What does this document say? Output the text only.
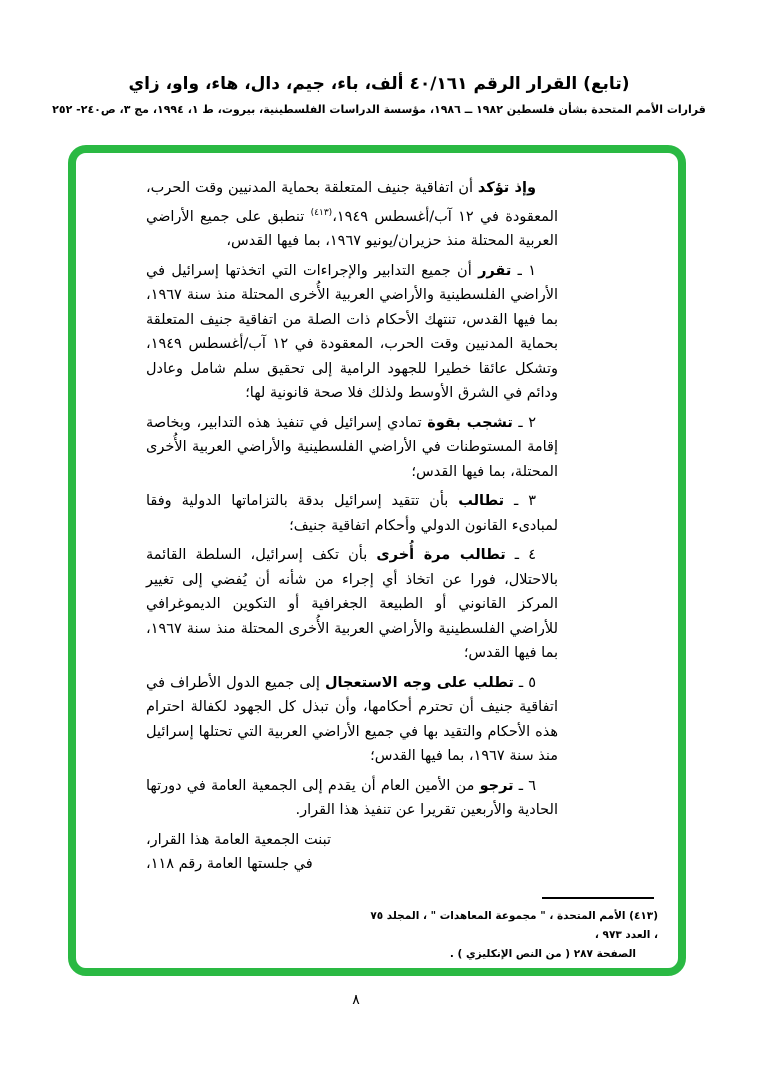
(تابع) القرار الرقم ٤٠/١٦١ ألف، باء، جيم، دال، هاء، واو، زاي
قرارات الأمم المتحدة بشأن فلسطين ١٩٨٢ ــ ١٩٨٦، مؤسسة الدراسات الفلسطينية، بيروت، ط ١، ١٩٩٤، مج ٣، ص٢٤٠- ٢٥٢

وإذ تؤكد أن اتفاقية جنيف المتعلقة بحماية المدنيين وقت الحرب، المعقودة في ١٢ آب/أغسطس ١٩٤٩،$^{(٤١٣)}$ تنطبق على جميع الأراضي العربية المحتلة منذ حزيران/يونيو ١٩٦٧، بما فيها القدس،

١ ـ تقرر أن جميع التدابير والإجراءات التي اتخذتها إسرائيل في الأراضي الفلسطينية والأراضي العربية الأُخرى المحتلة منذ سنة ١٩٦٧، بما فيها القدس، تنتهك الأحكام ذات الصلة من اتفاقية جنيف المتعلقة بحماية المدنيين وقت الحرب، المعقودة في ١٢ آب/أغسطس ١٩٤٩، وتشكل عائقا خطيرا للجهود الرامية إلى تحقيق سلم شامل وعادل ودائم في الشرق الأوسط ولذلك فلا صحة قانونية لها؛

٢ ـ تشجب بقوة تمادي إسرائيل في تنفيذ هذه التدابير، وبخاصة إقامة المستوطنات في الأراضي الفلسطينية والأراضي العربية الأُخرى المحتلة، بما فيها القدس؛

٣ ـ تطالب بأن تتقيد إسرائيل بدقة بالتزاماتها الدولية وفقا لمبادىء القانون الدولي وأحكام اتفاقية جنيف؛

٤ ـ تطالب مرة أُخرى بأن تكف إسرائيل، السلطة القائمة بالاحتلال، فورا عن اتخاذ أي إجراء من شأنه أن يُفضي إلى تغيير المركز القانوني أو الطبيعة الجغرافية أو التكوين الديموغرافي للأراضي الفلسطينية والأراضي العربية الأُخرى المحتلة منذ سنة ١٩٦٧، بما فيها القدس؛

٥ ـ تطلب على وجه الاستعجال إلى جميع الدول الأطراف في اتفاقية جنيف أن تحترم أحكامها، وأن تبذل كل الجهود لكفالة احترام هذه الأحكام والتقيد بها في جميع الأراضي العربية التي تحتلها إسرائيل منذ سنة ١٩٦٧، بما فيها القدس؛

٦ ـ ترجو من الأمين العام أن يقدم إلى الجمعية العامة في دورتها الحادية والأربعين تقريرا عن تنفيذ هذا القرار.

تبنت الجمعية العامة هذا القرار،

في جلستها العامة رقم ١١٨،

(٤١٣) الأمم المتحدة ، " مجموعة المعاهدات " ، المجلد ٧٥ ، العدد ٩٧٣ ،
الصفحة ٢٨٧ ( من النص الإنكليزي ) .
٨
